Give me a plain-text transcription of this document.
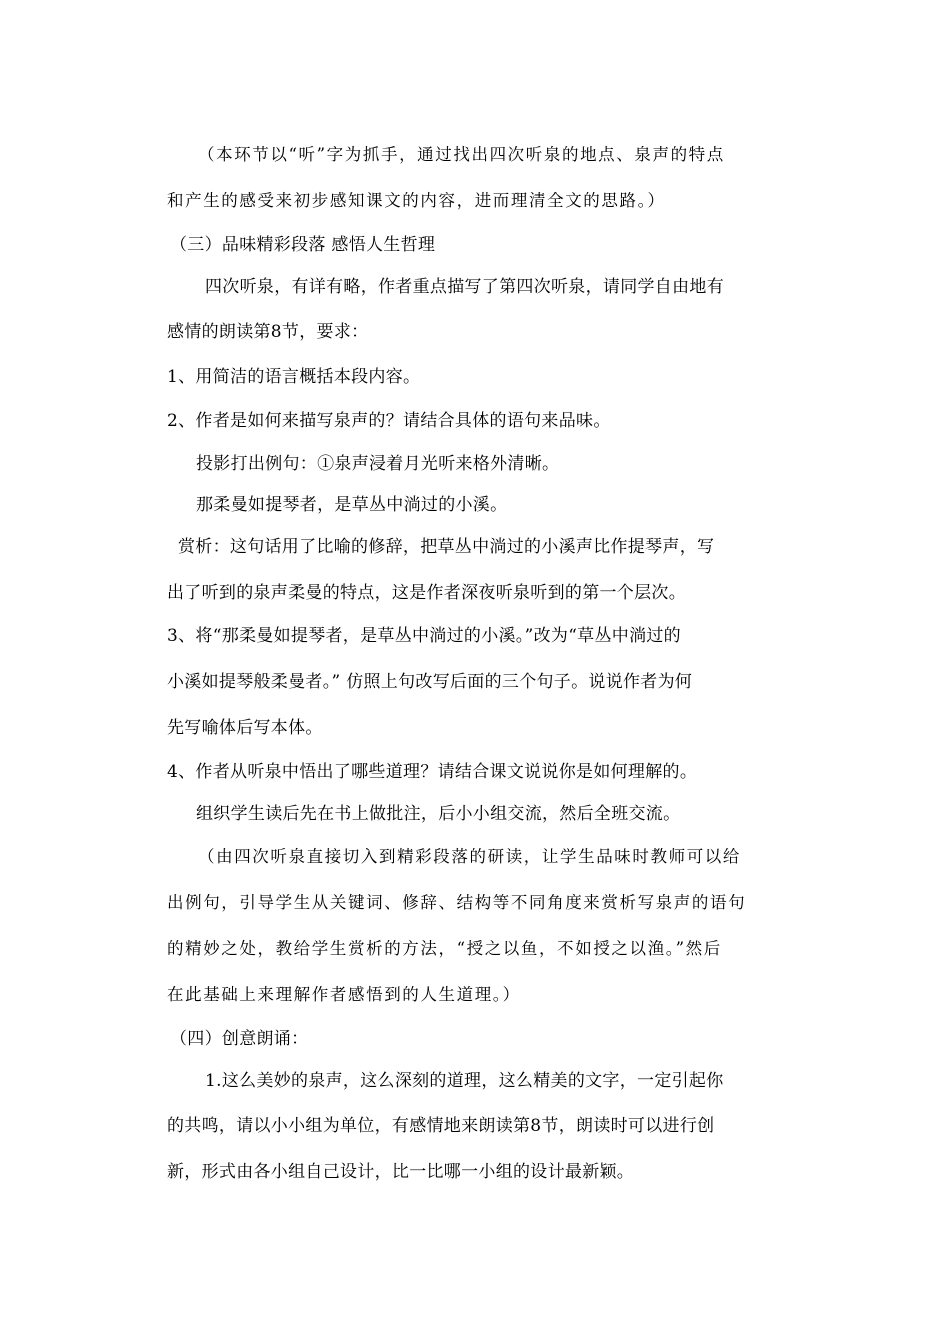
（本环节以“听”字为抓手，通过找出四次听泉的地点、泉声的特点
和产生的感受来初步感知课文的内容，进而理清全文的思路。）
（三）品味精彩段落 感悟人生哲理
四次听泉，有详有略，作者重点描写了第四次听泉，请同学自由地有
感情的朗读第8节，要求：
1、用简洁的语言概括本段内容。
2、作者是如何来描写泉声的？请结合具体的语句来品味。
投影打出例句：①泉声浸着月光听来格外清晰。
那柔曼如提琴者，是草丛中淌过的小溪。
赏析：这句话用了比喻的修辞，把草丛中淌过的小溪声比作提琴声，写
出了听到的泉声柔曼的特点，这是作者深夜听泉听到的第一个层次。
3、将“那柔曼如提琴者，是草丛中淌过的小溪。”改为“草丛中淌过的
小溪如提琴般柔曼者。” 仿照上句改写后面的三个句子。说说作者为何
先写喻体后写本体。
4、作者从听泉中悟出了哪些道理？请结合课文说说你是如何理解的。
组织学生读后先在书上做批注，后小小组交流，然后全班交流。
（由四次听泉直接切入到精彩段落的研读，让学生品味时教师可以给
出例句，引导学生从关键词、修辞、结构等不同角度来赏析写泉声的语句
的精妙之处，教给学生赏析的方法，“授之以鱼，不如授之以渔。”然后
在此基础上来理解作者感悟到的人生道理。）
（四）创意朗诵：
1.这么美妙的泉声，这么深刻的道理，这么精美的文字，一定引起你
的共鸣，请以小小组为单位，有感情地来朗读第8节，朗读时可以进行创
新，形式由各小组自己设计，比一比哪一小组的设计最新颖。
